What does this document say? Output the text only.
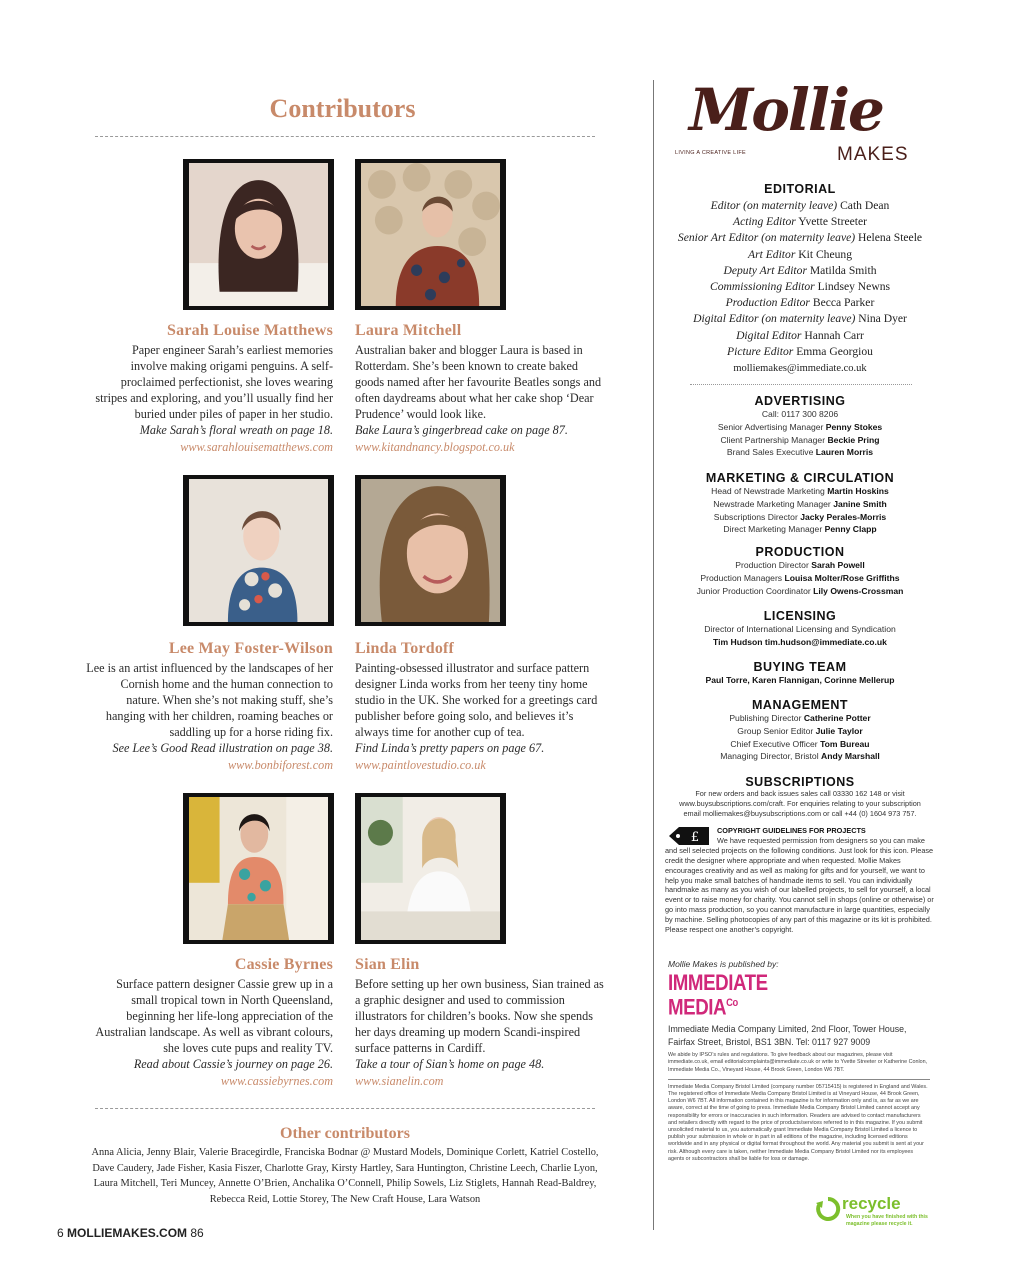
Contributors
Sarah Louise Matthews

Paper engineer Sarah’s earliest memories involve making origami penguins. A self-proclaimed perfectionist, she loves wearing stripes and exploring, and you’ll usually find her buried under piles of paper in her studio.

Make Sarah’s floral wreath on page 18.

www.sarahlouisematthews.com

Laura Mitchell

Australian baker and blogger Laura is based in Rotterdam. She’s been known to create baked goods named after her favourite Beatles songs and often daydreams about what her cake shop ‘Dear Prudence’ would look like.

Bake Laura’s gingerbread cake on page 87.

www.kitandnancy.blogspot.co.uk

Lee May Foster-Wilson

Lee is an artist influenced by the landscapes of her Cornish home and the human connection to nature. When she’s not making stuff, she’s hanging with her children, roaming beaches or saddling up for a horse riding fix.

See Lee’s Good Read illustration on page 38.

www.bonbiforest.com

Linda Tordoff

Painting-obsessed illustrator and surface pattern designer Linda works from her teeny tiny home studio in the UK. She worked for a greetings card publisher before going solo, and believes it’s always time for another cup of tea.

Find Linda’s pretty papers on page 67.

www.paintlovestudio.co.uk

Cassie Byrnes

Surface pattern designer Cassie grew up in a small tropical town in North Queensland, beginning her life-long appreciation of the Australian landscape. As well as vibrant colours, she loves cute pups and reality TV.

Read about Cassie’s journey on page 26.

www.cassiebyrnes.com

Sian Elin

Before setting up her own business, Sian trained as a graphic designer and used to commission illustrators for children’s books. Now she spends her days dreaming up modern Scandi-inspired surface patterns in Cardiff.

Take a tour of Sian’s home on page 48.

www.sianelin.com

Other contributors
Anna Alicia, Jenny Blair, Valerie Bracegirdle, Franciska Bodnar @ Mustard Models, Dominique Corlett, Katriel Costello, Dave Caudery, Jade Fisher, Kasia Fiszer, Charlotte Gray, Kirsty Hartley, Sara Huntington, Christine Leech, Charlie Lyon, Laura Mitchell, Teri Muncey, Annette O’Brien, Anchalika O’Connell, Philip Sowels, Liz Stiglets, Hannah Read-Baldrey, Rebecca Reid, Lottie Storey, The New Craft House, Lara Watson
6 MOLLIEMAKES.COM 86
Mollie
MAKES
LIVING A CREATIVE LIFE
EDITORIAL
Editor (on maternity leave) Cath Dean
Acting Editor Yvette Streeter
Senior Art Editor (on maternity leave) Helena Steele
Art Editor Kit Cheung
Deputy Art Editor Matilda Smith
Commissioning Editor Lindsey Newns
Production Editor Becca Parker
Digital Editor (on maternity leave) Nina Dyer
Digital Editor Hannah Carr
Picture Editor Emma Georgiou
molliemakes@immediate.co.uk
ADVERTISING
Call: 0117 300 8206
Senior Advertising Manager Penny Stokes
Client Partnership Manager Beckie Pring
Brand Sales Executive Lauren Morris
MARKETING & CIRCULATION
Head of Newstrade Marketing Martin Hoskins
Newstrade Marketing Manager Janine Smith
Subscriptions Director Jacky Perales-Morris
Direct Marketing Manager Penny Clapp
PRODUCTION
Production Director Sarah Powell
Production Managers Louisa Molter/Rose Griffiths
Junior Production Coordinator Lily Owens-Crossman
LICENSING
Director of International Licensing and Syndication
Tim Hudson tim.hudson@immediate.co.uk
BUYING TEAM
Paul Torre, Karen Flannigan, Corinne Mellerup
MANAGEMENT
Publishing Director Catherine Potter
Group Senior Editor Julie Taylor
Chief Executive Officer Tom Bureau
Managing Director, Bristol Andy Marshall
SUBSCRIPTIONS
For new orders and back issues sales call 03330 162 148 or visit www.buysubscriptions.com/craft. For enquiries relating to your subscription email molliemakes@buysubscriptions.com or call +44 (0) 1604 973 757.
£	COPYRIGHT GUIDELINES FOR PROJECTS
We have requested permission from designers so you can make and sell selected projects on the following conditions. Just look for this icon. Please credit the designer where appropriate and when requested. Mollie Makes encourages creativity and as well as making for gifts and for yourself, we want to help you make small batches of handmade items to sell. You can individually handmake as many as you wish of our labelled projects, to sell for yourself, a local event or to raise money for charity. You cannot sell in shops (online or otherwise) or go into mass production, so you cannot manufacture in large quantities, especially by machine. Selling photocopies of any part of this magazine or its kit is prohibited. Please respect one another’s copyright.
Mollie Makes is published by:
IMMEDIATE
$MEDIA^{Co}$
Immediate Media Company Limited, 2nd Floor, Tower House, Fairfax Street, Bristol, BS1 3BN. Tel: 0117 927 9009
We abide by IPSO’s rules and regulations. To give feedback about our magazines, please visit immediate.co.uk, email editorialcomplaints@immediate.co.uk or write to Yvette Streeter or Katherine Conlon, Immediate Media Co., Vineyard House, 44 Brook Green, London W6 7BT.
Immediate Media Company Bristol Limited (company number 05715415) is registered in England and Wales. The registered office of Immediate Media Company Bristol Limited is at Vineyard House, 44 Brook Green, London W6 7BT. All information contained in this magazine is for information only and is, as far as we are aware, correct at the time of going to press. Immediate Media Company Bristol Limited cannot accept any responsibility for errors or inaccuracies in such information. Readers are advised to contact manufacturers and retailers directly with regard to the price of products/services referred to in this magazine. If you submit unsolicited material to us, you automatically grant Immediate Media Company Bristol Limited a licence to publish your submission in whole or in part in all editions of the magazine, including licensed editions worldwide and in any physical or digital format throughout the world. Any material you submit is sent at your risk. Although every care is taken, neither Immediate Media Company Bristol Limited nor its employees agents or subcontractors shall be liable for loss or damage.
recycle
When you have finished with this magazine please recycle it.
